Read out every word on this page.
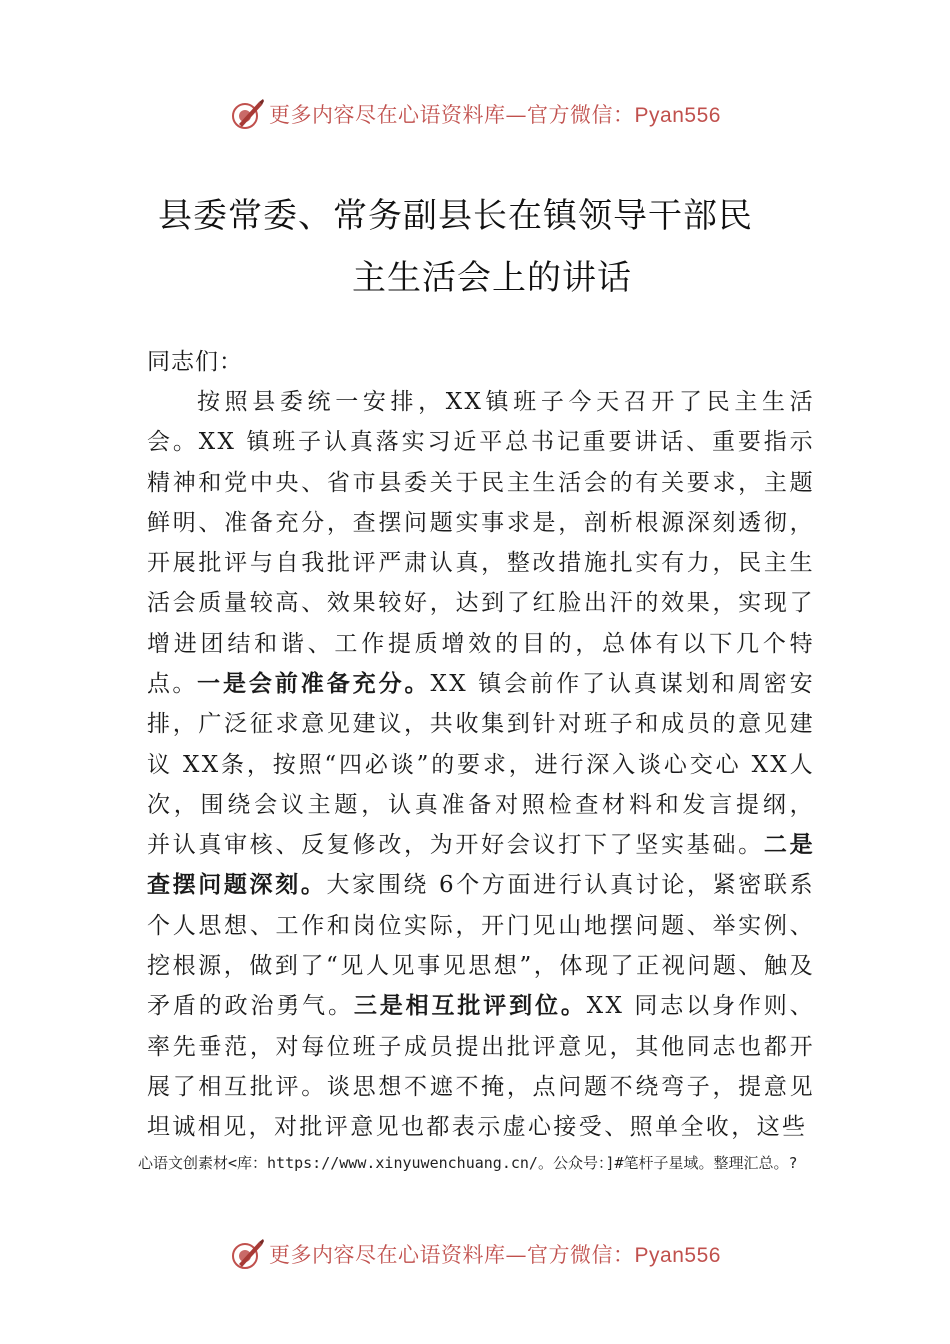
更多内容尽在心语资料库—官方微信：Pyan556
县委常委、常务副县长在镇领导干部民
主生活会上的讲话
同志们：
按照县委统一安排，XX镇班子今天召开了民主生活会。XX 镇班子认真落实习近平总书记重要讲话、重要指示精神和党中央、省市县委关于民主生活会的有关要求，主题鲜明、准备充分，查摆问题实事求是，剖析根源深刻透彻，开展批评与自我批评严肃认真，整改措施扎实有力，民主生活会质量较高、效果较好，达到了红脸出汗的效果，实现了增进团结和谐、工作提质增效的目的，总体有以下几个特点。 一是会前准备充分。XX 镇会前作了认真谋划和周密安排，广泛征求意见建议，共收集到针对班子和成员的意见建议 XX条，按照“四必谈”的要求，进行深入谈心交心 XX人次，围绕会议主题，认真准备对照检查材料和发言提纲， 并认真审核、反复修改，为开好会议打下了坚实基础。二是查摆问题深刻。大家围绕 6个方面进行认真讨论，紧密联系个人思想、工作和岗位实际，开门见山地摆问题、举实例、 挖根源，做到了“见人见事见思想”，体现了正视问题、触及矛盾的政治勇气。三是相互批评到位。XX 同志以身作则、率先垂范，对每位班子成员提出批评意见，其他同志也都开展了相互批评。谈思想不遮不掩，点问题不绕弯子，提意见坦诚相见，对批评意见也都表示虚心接受、照单全收，这些
心语文创素材<库：https://www.xinyuwenchuang.cn/。公众号：]#笔杆子星域。整理汇总。?
更多内容尽在心语资料库—官方微信：Pyan556
